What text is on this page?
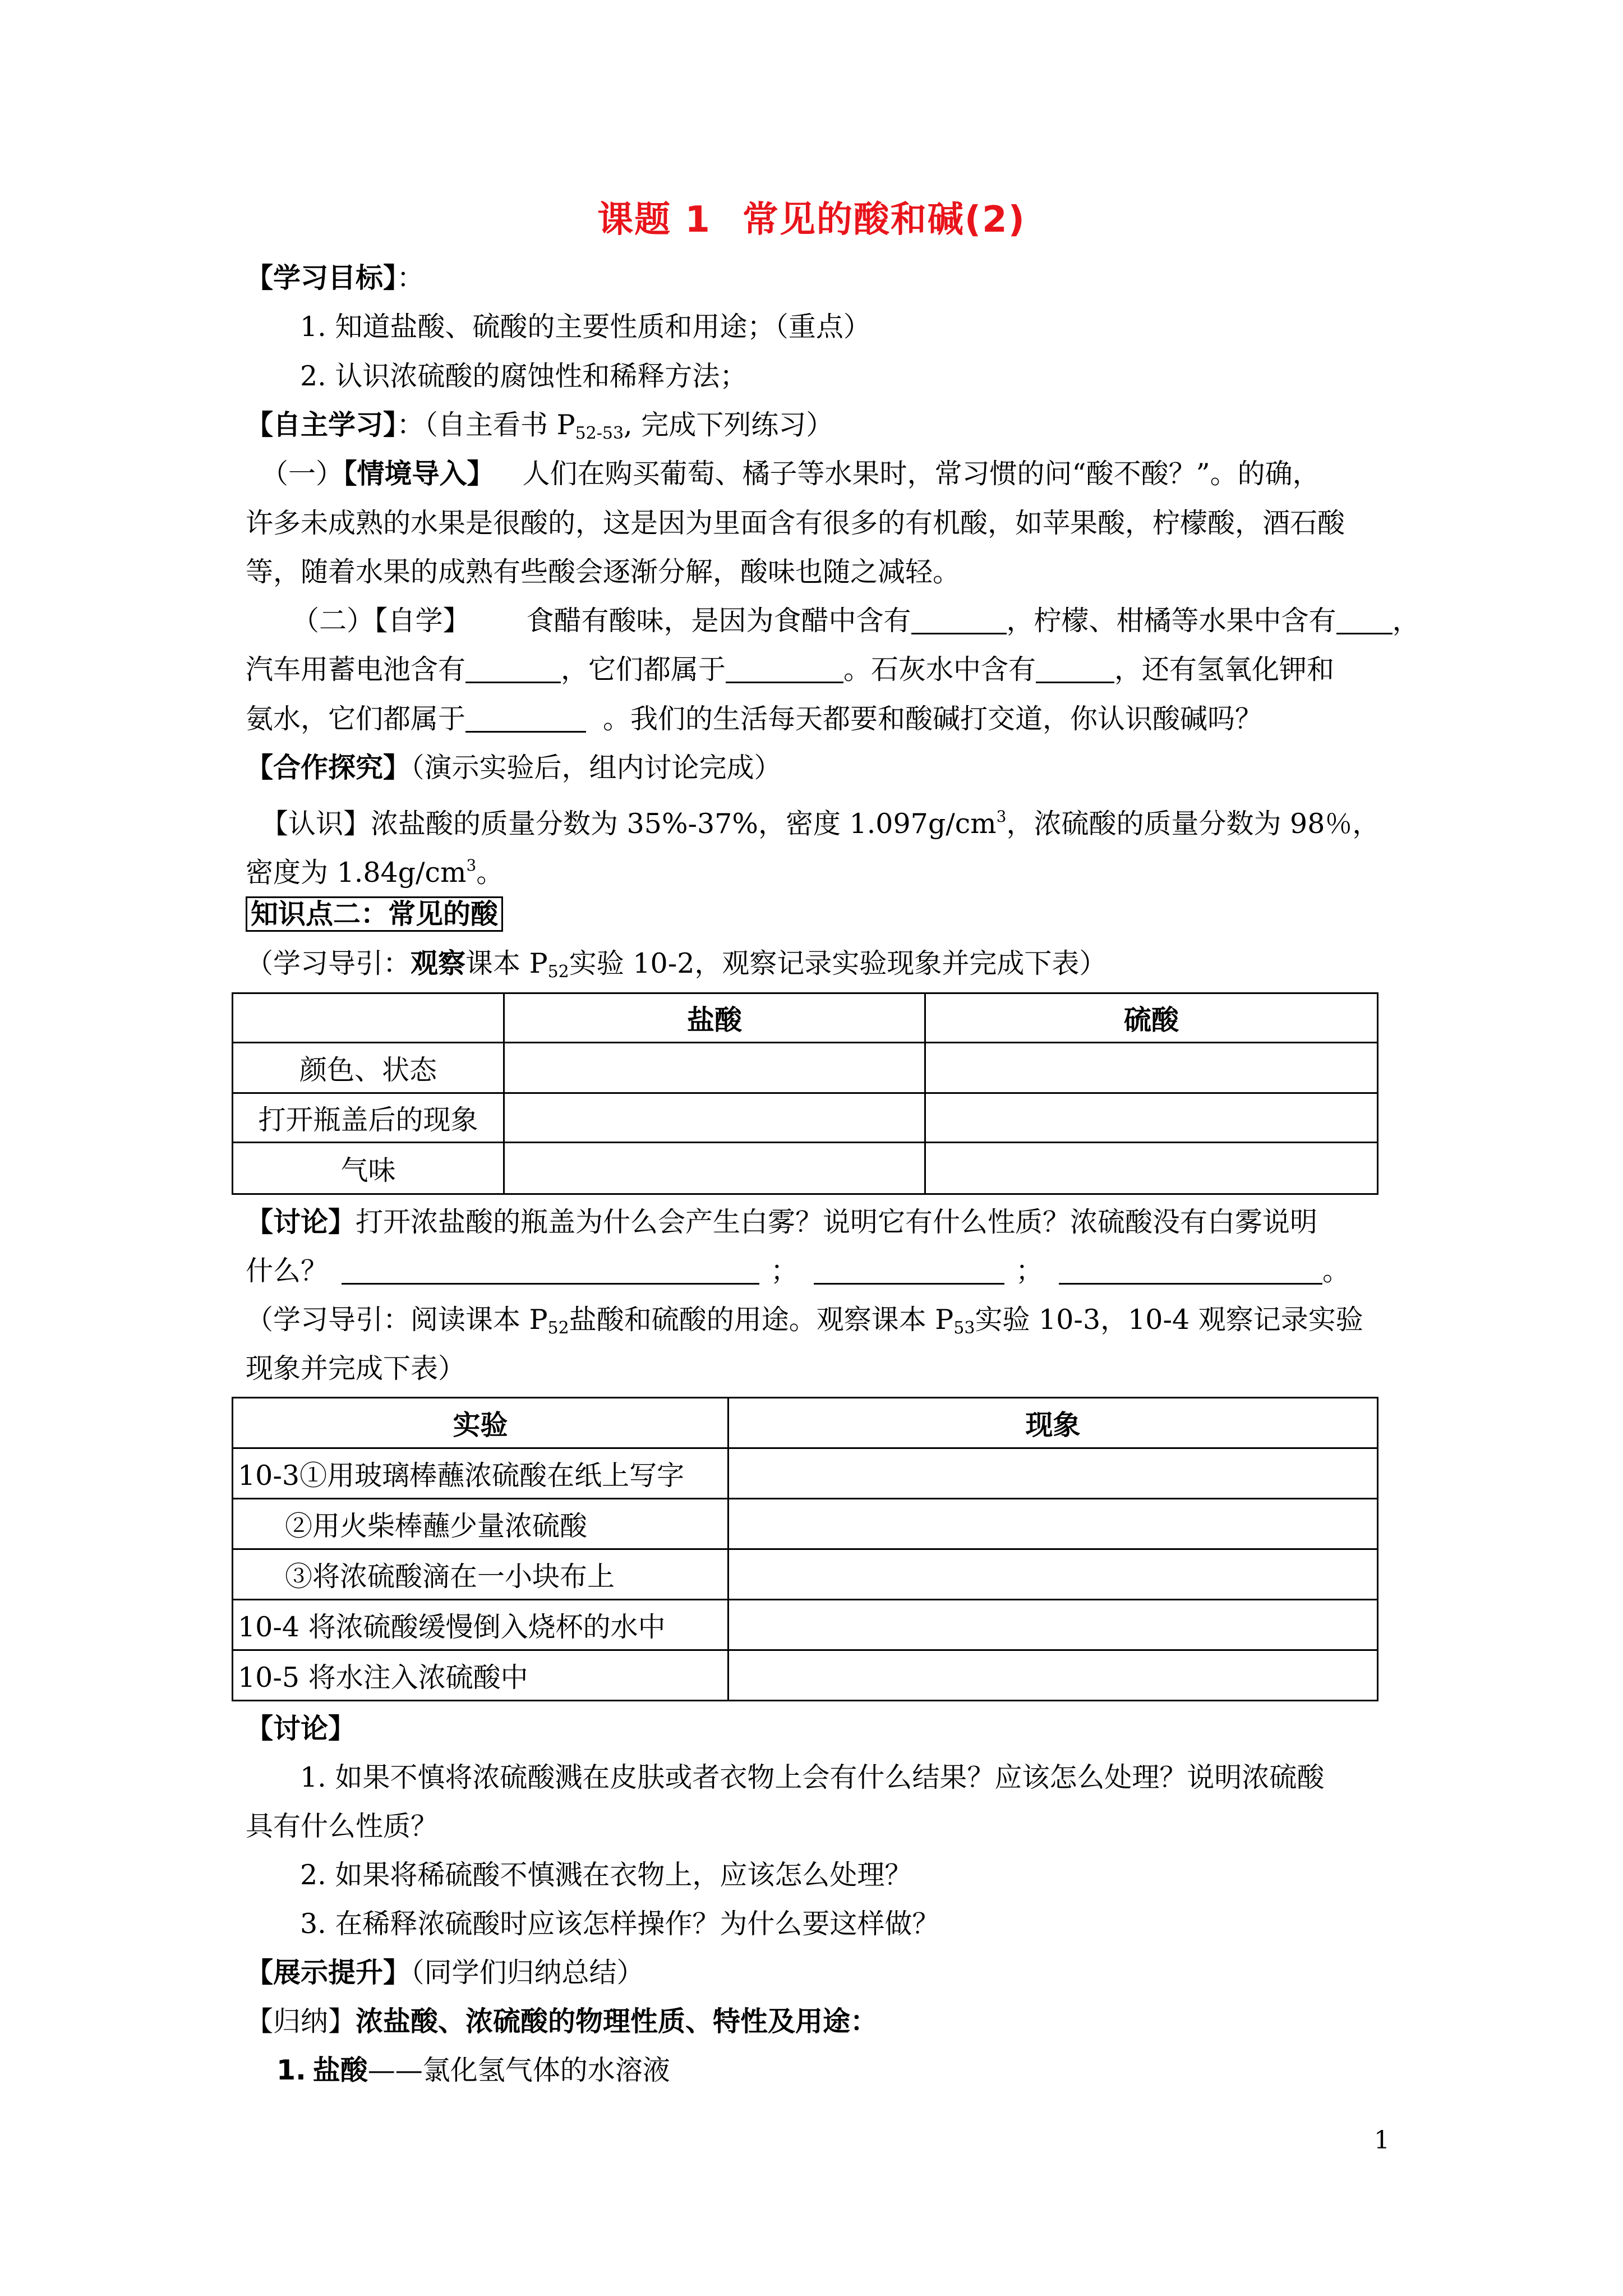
课题 1 常见的酸和碱(2)
【学习目标】：
1. 知道盐酸、硫酸的主要性质和用途；（重点）
2. 认识浓硫酸的腐蚀性和稀释方法；
【自主学习】：（自主看书 $P_{52-53}$, 完成下列练习）
（一）【情境导入】 人们在购买葡萄、橘子等水果时，常习惯的问“酸不酸？”。的确，
许多未成熟的水果是很酸的，这是因为里面含有很多的有机酸，如苹果酸，柠檬酸，酒石酸
等，随着水果的成熟有些酸会逐渐分解，酸味也随之减轻。
（二）【自学】 食醋有酸味，是因为食醋中含有	，柠檬、柑橘等水果中含有 ，
汽车用蓄电池含有	，它们都属于	。石灰水中含有	，还有氢氧化钾和
氨水，它们都属于	。我们的生活每天都要和酸碱打交道，你认识酸碱吗？
【合作探究】（演示实验后，组内讨论完成）
【认识】浓盐酸的质量分数为 35%-37%，密度 $1.097g/cm^3$，浓硫酸的质量分数为 98％，
密度为 $1.84g/cm^3$。
知识点二：常见的酸
（学习导引：观察课本 $P_{52}$实验 10-2，观察记录实验现象并完成下表）
	盐酸	硫酸
颜色、状态		
打开瓶盖后的现象		
气味		
【讨论】打开浓盐酸的瓶盖为什么会产生白雾？说明它有什么性质？浓硫酸没有白雾说明
什么？	；	；	。
（学习导引：阅读课本 $P_{52}$盐酸和硫酸的用途。观察课本 $P_{53}$实验 10-3，10-4 观察记录实验
现象并完成下表）
实验	现象
10-3①用玻璃棒蘸浓硫酸在纸上写字	
②用火柴棒蘸少量浓硫酸	
③将浓硫酸滴在一小块布上	
10-4 将浓硫酸缓慢倒入烧杯的水中	
10-5 将水注入浓硫酸中	
【讨论】
1. 如果不慎将浓硫酸溅在皮肤或者衣物上会有什么结果？应该怎么处理？说明浓硫酸
具有什么性质？
2. 如果将稀硫酸不慎溅在衣物上，应该怎么处理？
3. 在稀释浓硫酸时应该怎样操作？为什么要这样做？
【展示提升】（同学们归纳总结）
【归纳】浓盐酸、浓硫酸的物理性质、特性及用途：
1. 盐酸——氯化氢气体的水溶液
1
